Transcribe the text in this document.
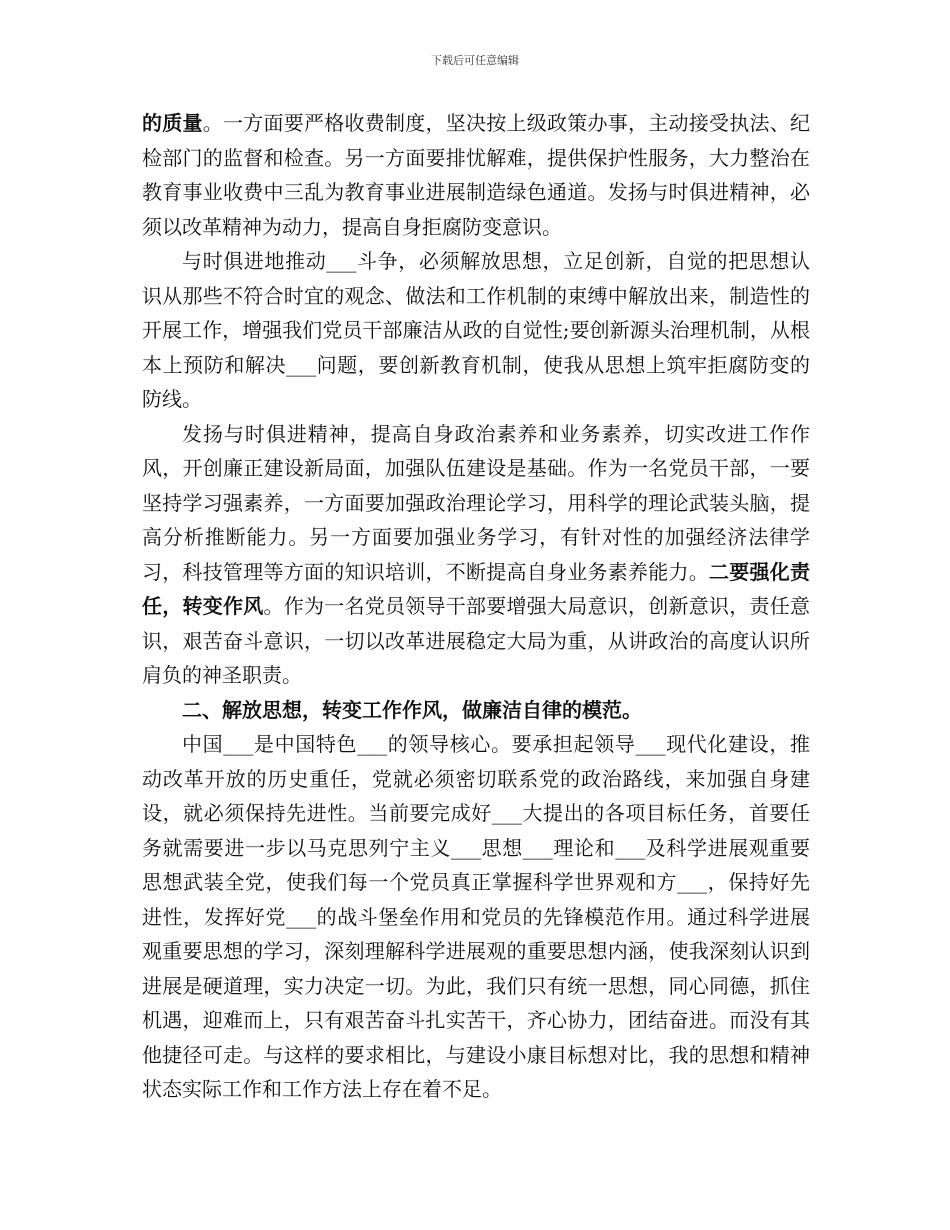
下载后可任意编辑

的质量。一方面要严格收费制度，坚决按上级政策办事，主动接受执法、纪检部门的监督和检查。另一方面要排忧解难，提供保护性服务，大力整治在教育事业收费中三乱为教育事业进展制造绿色通道。发扬与时俱进精神，必须以改革精神为动力，提高自身拒腐防变意识。

与时俱进地推动___斗争，必须解放思想，立足创新，自觉的把思想认识从那些不符合时宜的观念、做法和工作机制的束缚中解放出来，制造性的开展工作，增强我们党员干部廉洁从政的自觉性;要创新源头治理机制，从根本上预防和解决___问题，要创新教育机制，使我从思想上筑牢拒腐防变的防线。

发扬与时俱进精神，提高自身政治素养和业务素养，切实改进工作作风，开创廉正建设新局面，加强队伍建设是基础。作为一名党员干部，一要坚持学习强素养，一方面要加强政治理论学习，用科学的理论武装头脑，提高分析推断能力。另一方面要加强业务学习，有针对性的加强经济法律学习，科技管理等方面的知识培训，不断提高自身业务素养能力。二要强化责任，转变作风。作为一名党员领导干部要增强大局意识，创新意识，责任意识，艰苦奋斗意识，一切以改革进展稳定大局为重，从讲政治的高度认识所肩负的神圣职责。

二、解放思想，转变工作作风，做廉洁自律的模范。

中国___是中国特色___的领导核心。要承担起领导___现代化建设，推动改革开放的历史重任，党就必须密切联系党的政治路线，来加强自身建设，就必须保持先进性。当前要完成好___大提出的各项目标任务，首要任务就需要进一步以马克思列宁主义___思想___理论和___及科学进展观重要思想武装全党，使我们每一个党员真正掌握科学世界观和方___，保持好先进性，发挥好党___的战斗堡垒作用和党员的先锋模范作用。通过科学进展观重要思想的学习，深刻理解科学进展观的重要思想内涵，使我深刻认识到进展是硬道理，实力决定一切。为此，我们只有统一思想，同心同德，抓住机遇，迎难而上，只有艰苦奋斗扎实苦干，齐心协力，团结奋进。而没有其他捷径可走。与这样的要求相比，与建设小康目标想对比，我的思想和精神状态实际工作和工作方法上存在着不足。
